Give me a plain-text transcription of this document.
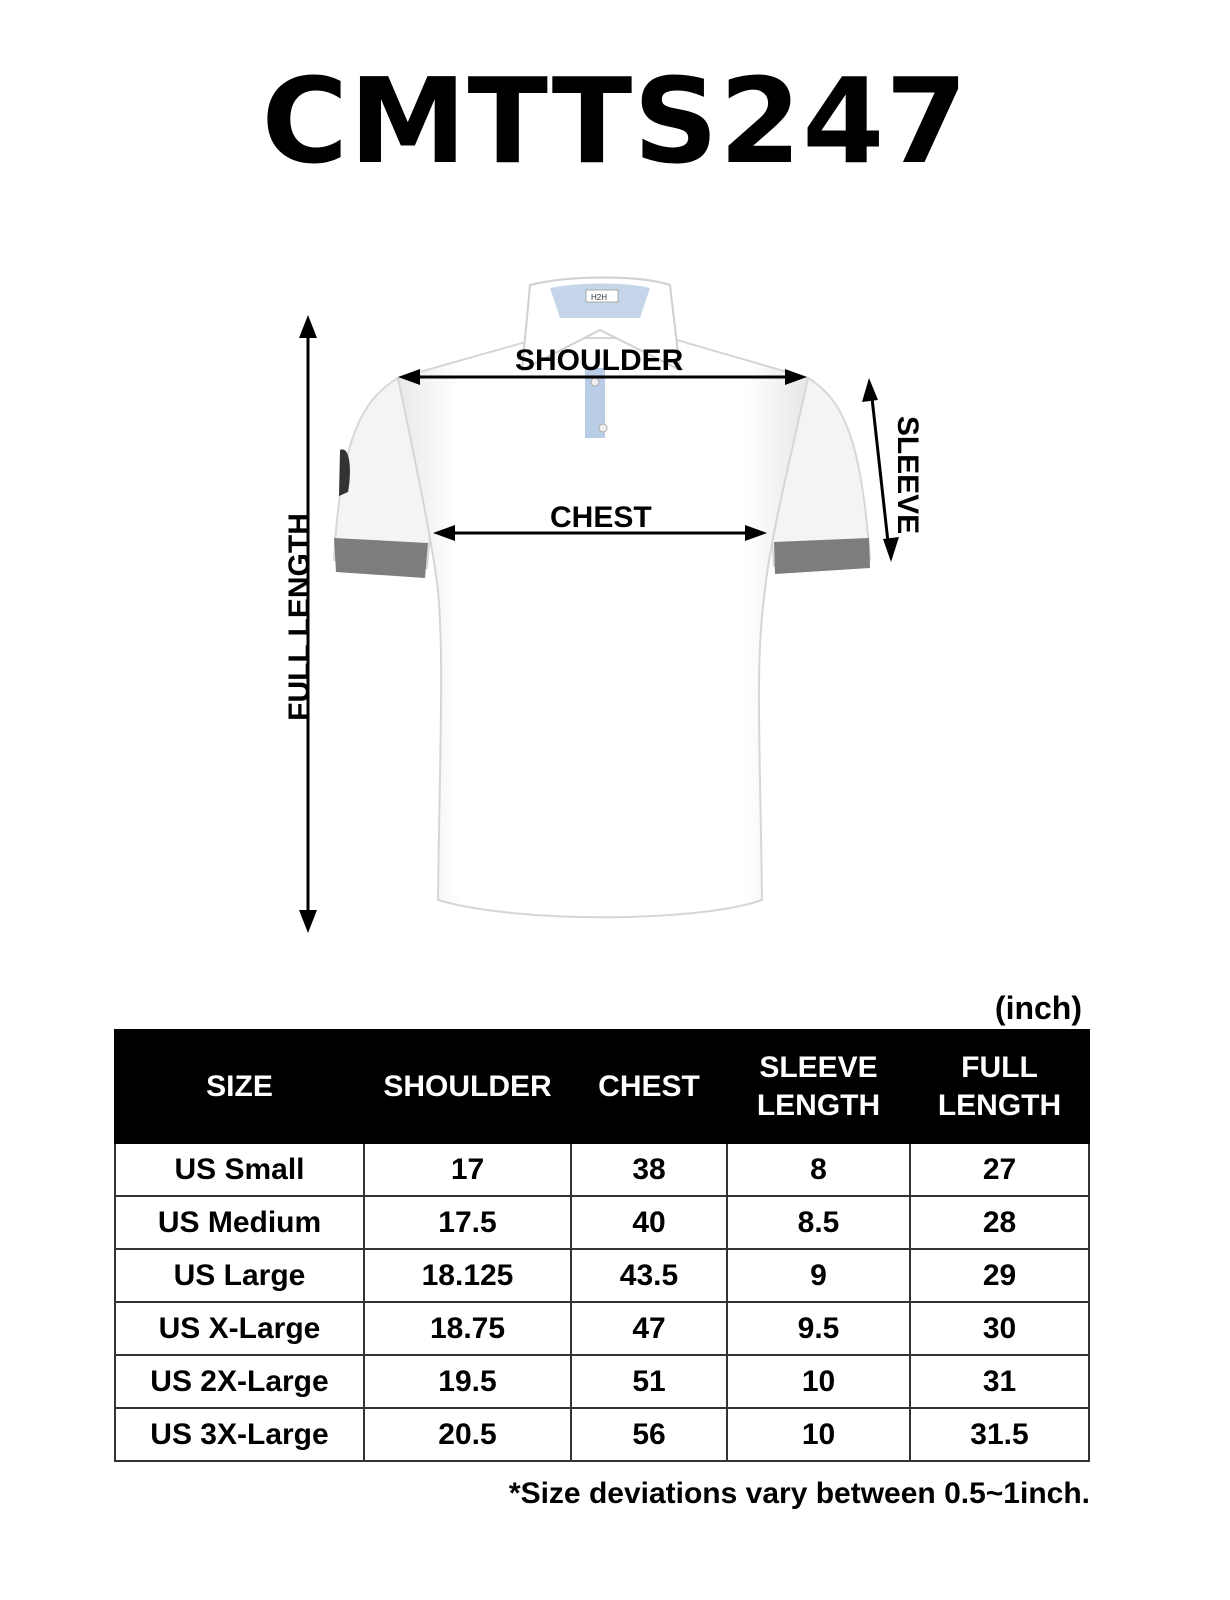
CMTTS247
H2H
SHOULDER
CHEST	SLEEVE
FULL LENGTH
(inch)
SIZE	SHOULDER	CHEST	SLEEVE LENGTH	FULL LENGTH
US Small	17	38	8	27
US Medium	17.5	40	8.5	28
US Large	18.125	43.5	9	29
US X-Large	18.75	47	9.5	30
US 2X-Large	19.5	51	10	31
US 3X-Large	20.5	56	10	31.5
*Size deviations vary between 0.5~1inch.
